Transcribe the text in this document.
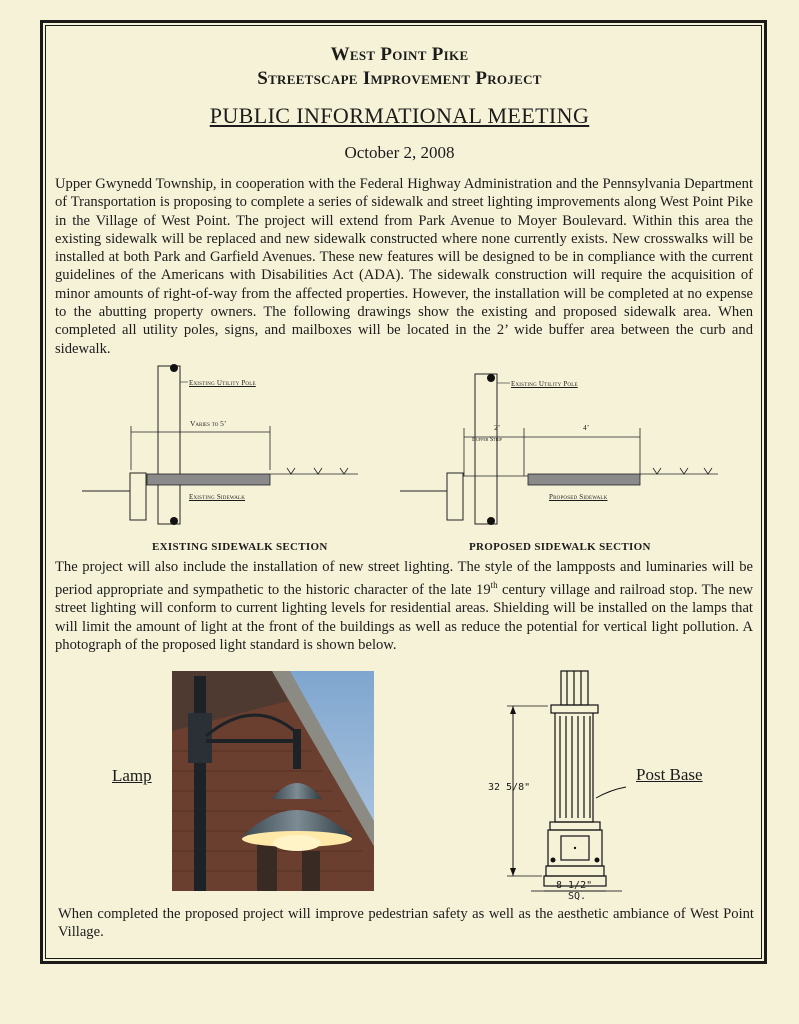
West Point Pike
Streetscape Improvement Project
PUBLIC INFORMATIONAL MEETING
October 2, 2008
Upper Gwynedd Township, in cooperation with the Federal Highway Administration and the Pennsylvania Department of Transportation is proposing to complete a series of sidewalk and street lighting improvements along West Point Pike in the Village of West Point. The project will extend from Park Avenue to Moyer Boulevard. Within this area the existing sidewalk will be replaced and new sidewalk constructed where none currently exists. New crosswalks will be installed at both Park and Garfield Avenues. These new features will be designed to be in compliance with the current guidelines of the Americans with Disabilities Act (ADA). The sidewalk construction will require the acquisition of minor amounts of right-of-way from the affected properties. However, the installation will be completed at no expense to the abutting property owners. The following drawings show the existing and proposed sidewalk area. When completed all utility poles, signs, and mailboxes will be located in the 2’ wide buffer area between the curb and sidewalk.
Existing Utility Pole
Varies to 5’
Existing Sidewalk
EXISTING SIDEWALK SECTION
Existing Utility Pole
2’
Buffer Strip
4’
Proposed Sidewalk
PROPOSED SIDEWALK SECTION
The project will also include the installation of new street lighting. The style of the lampposts and luminaries will be period appropriate and sympathetic to the historic character of the late 19th century village and railroad stop. The new street lighting will conform to current lighting levels for residential areas. Shielding will be installed on the lamps that will limit the amount of light at the front of the buildings as well as reduce the potential for vertical light pollution. A photograph of the proposed light standard is shown below.
Lamp
32 5/8"
8 1/2"
SQ.
Post Base
When completed the proposed project will improve pedestrian safety as well as the aesthetic ambiance of West Point Village.
